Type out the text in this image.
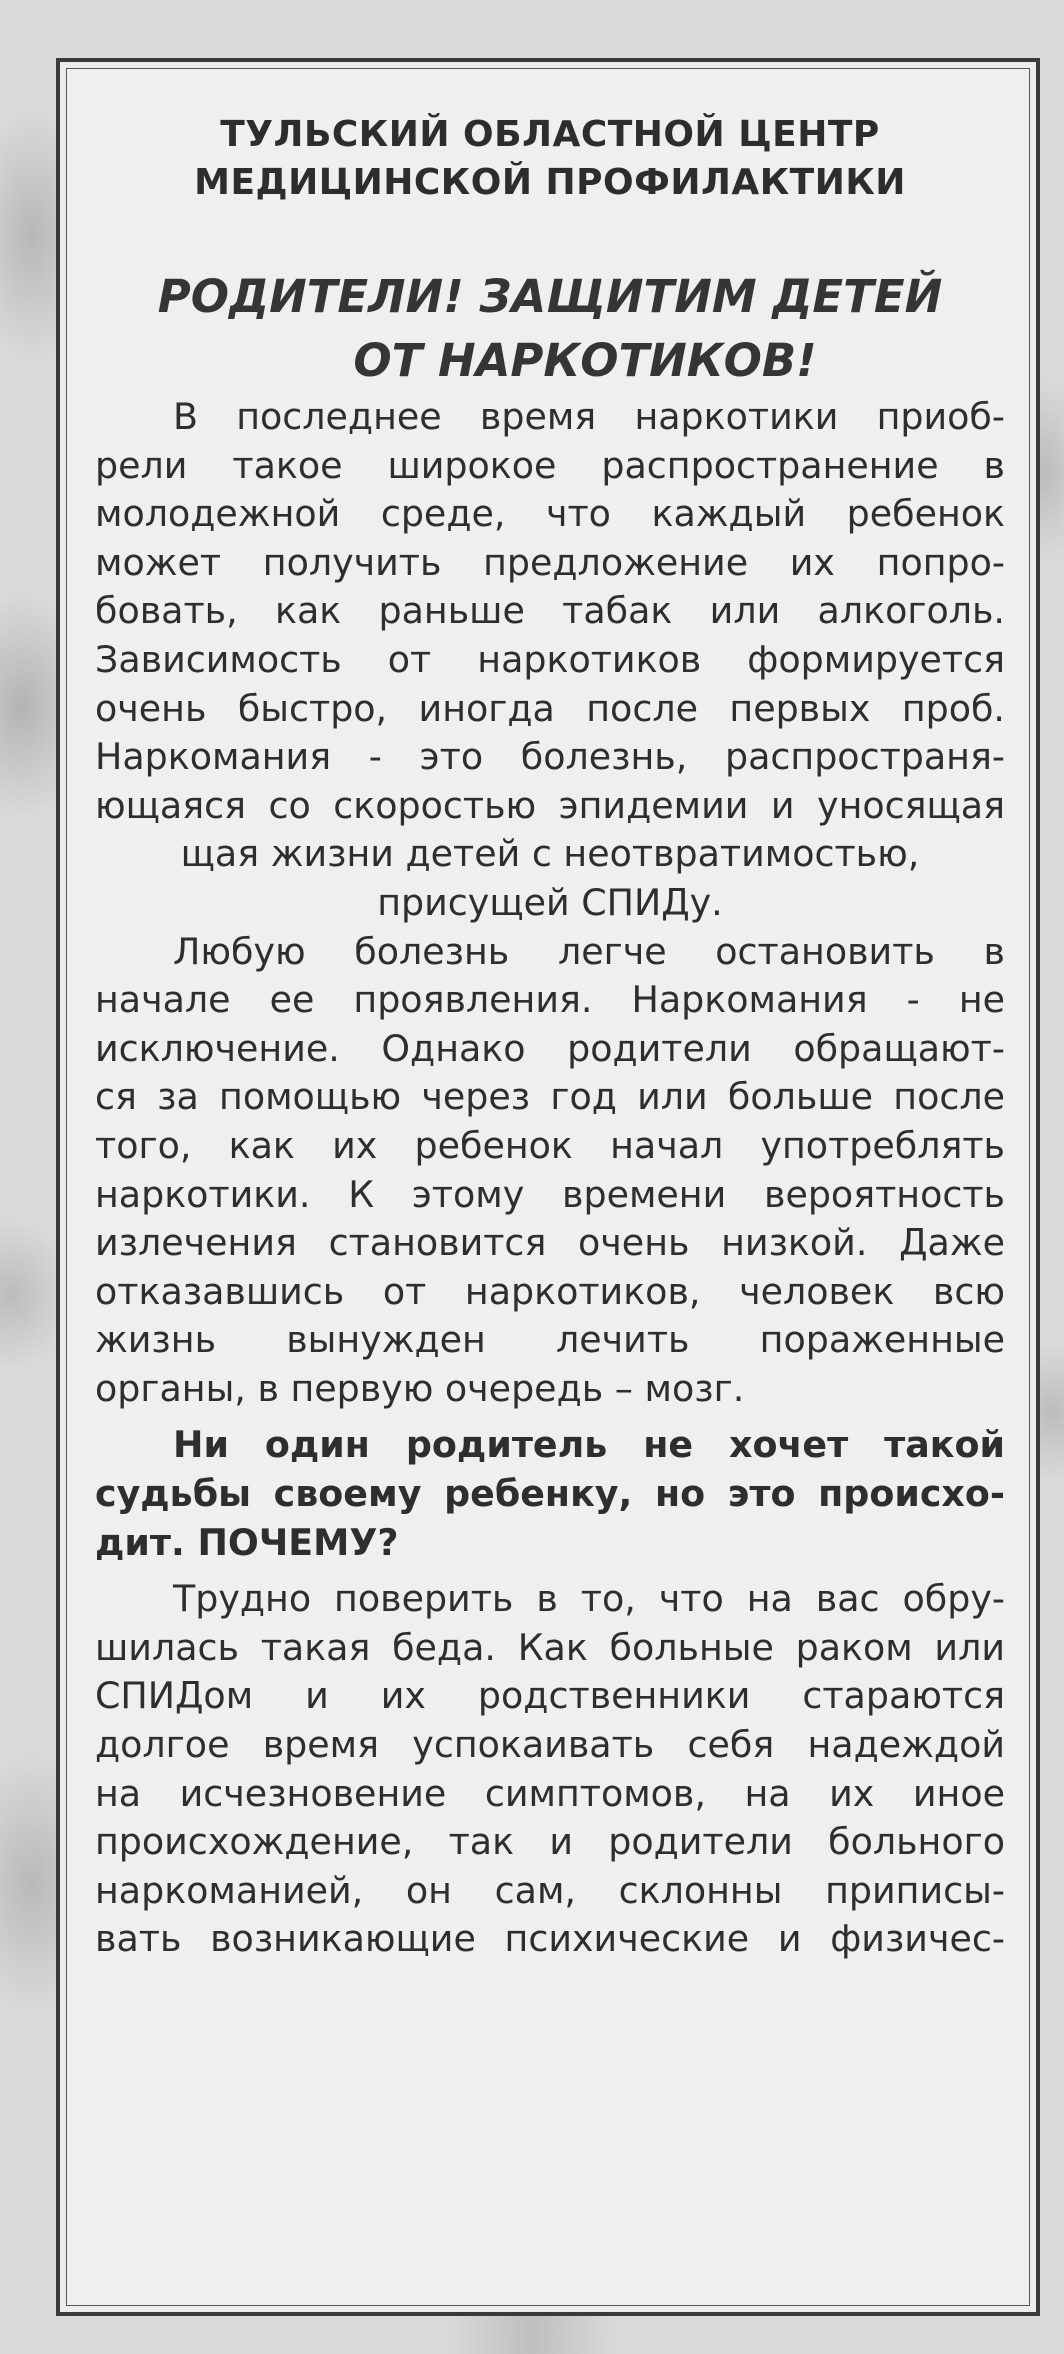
ТУЛЬСКИЙ ОБЛАСТНОЙ ЦЕНТР
МЕДИЦИНСКОЙ ПРОФИЛАКТИКИ
РОДИТЕЛИ! ЗАЩИТИМ ДЕТЕЙ
ОТ НАРКОТИКОВ!
В последнее время наркотики приоб-
рели такое широкое распространение в
молодежной среде, что каждый ребенок
может получить предложение их попро-
бовать, как раньше табак или алкоголь.
Зависимость от наркотиков формируется
очень быстро, иногда после первых проб.
Наркомания - это болезнь, распространя-
ющаяся со скоростью эпидемии и уносящая
щая жизни детей с неотвратимостью,
присущей СПИДу.
Любую болезнь легче остановить в
начале ее проявления. Наркомания - не
исключение. Однако родители обращают-
ся за помощью через год или больше после
того, как их ребенок начал употреблять
наркотики. К этому времени вероятность
излечения становится очень низкой. Даже
отказавшись от наркотиков, человек всю
жизнь вынужден лечить пораженные
органы, в первую очередь – мозг.
Ни один родитель не хочет такой
судьбы своему ребенку, но это происхо-
дит. ПОЧЕМУ?
Трудно поверить в то, что на вас обру-
шилась такая беда. Как больные раком или
СПИДом и их родственники стараются
долгое время успокаивать себя надеждой
на исчезновение симптомов, на их иное
происхождение, так и родители больного
наркоманией, он сам, склонны приписы-
вать возникающие психические и физичес-
